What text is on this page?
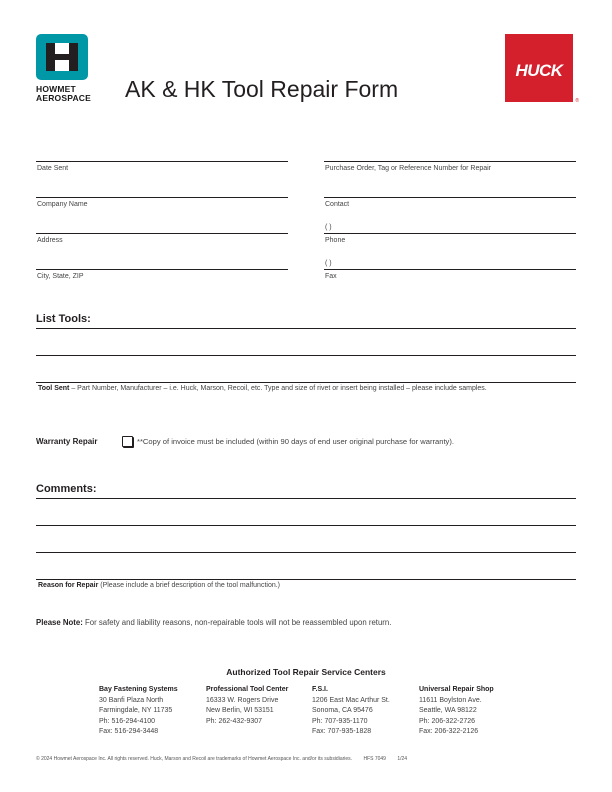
HOWMET
AEROSPACE AK & HK Tool Repair Form
HUCK
®
Date Sent
Company Name
Address
City, State, ZIP
Purchase Order, Tag or Reference Number for Repair
Contact
( )
Phone
( )
Fax
List Tools:
Tool Sent – Part Number, Manufacturer – i.e. Huck, Marson, Recoil, etc. Type and size of rivet or insert being installed – please include samples.
Warranty Repair	**Copy of invoice must be included (within 90 days of end user original purchase for warranty).
Comments:
Reason for Repair (Please include a brief description of the tool malfunction.)
Please Note: For safety and liability reasons, non-repairable tools will not be reassembled upon return.
Authorized Tool Repair Service Centers
Bay Fastening Systems
30 Banfi Plaza North
Farmingdale, NY 11735
Ph: 516-294-4100
Fax: 516-294-3448
Professional Tool Center
16333 W. Rogers Drive
New Berlin, WI 53151
Ph: 262-432-9307
F.S.I.
1206 East Mac Arthur St.
Sonoma, CA 95476
Ph: 707-935-1170
Fax: 707-935-1828
Universal Repair Shop
11611 Boylston Ave.
Seattle, WA 98122
Ph: 206-322-2726
Fax: 206-322-2126
© 2024 Howmet Aerospace Inc. All rights reserved. Huck, Marson and Recoil are trademarks of Howmet Aerospace Inc. and/or its subsidiaries. HFS 7049 1/24
